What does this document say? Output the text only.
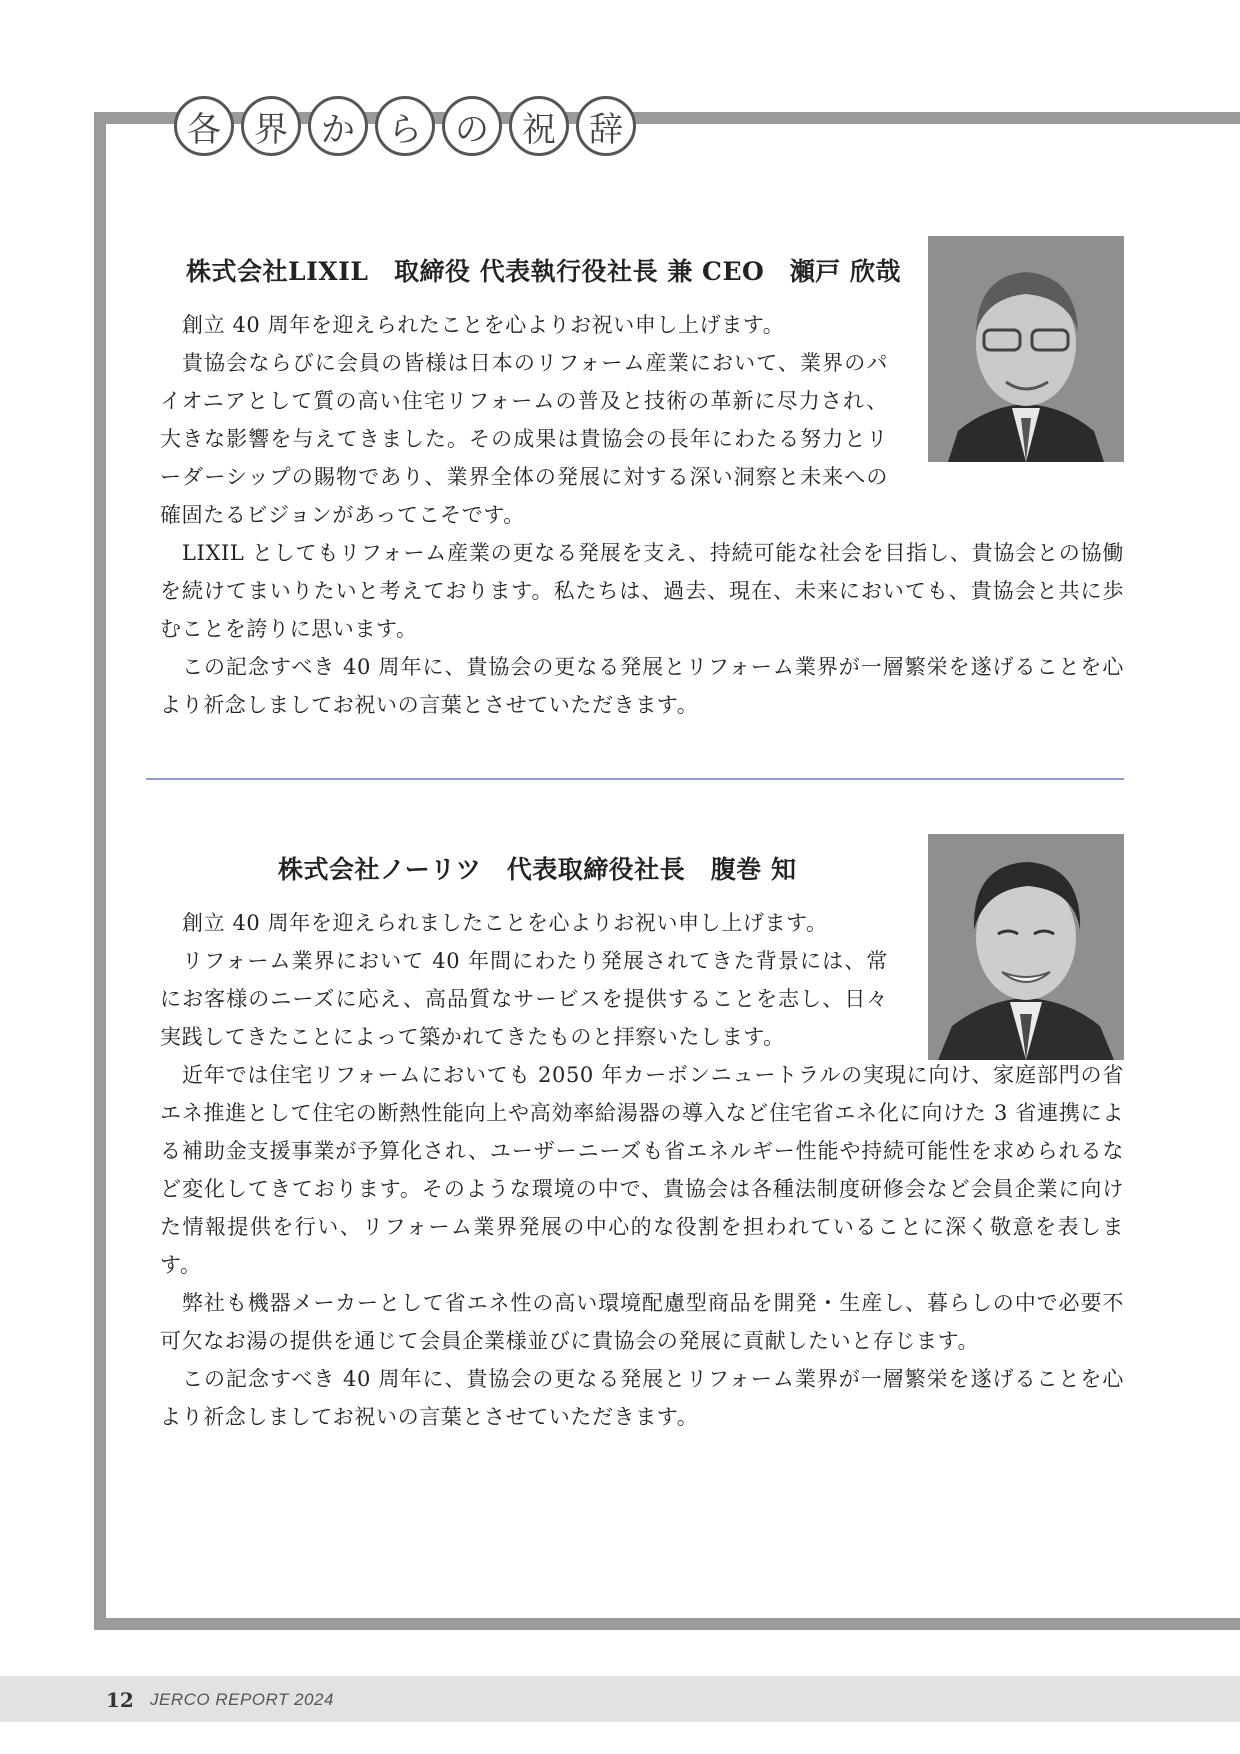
各 界 か ら の 祝 辞
株式会社LIXIL　取締役 代表執行役社長 兼 CEO　瀬戸 欣哉

創立 40 周年を迎えられたことを心よりお祝い申し上げます。

貴協会ならびに会員の皆様は日本のリフォーム産業において、業界のパイオニアとして質の高い住宅リフォームの普及と技術の革新に尽力され、大きな影響を与えてきました。その成果は貴協会の長年にわたる努力とリーダーシップの賜物であり、業界全体の発展に対する深い洞察と未来への確固たるビジョンがあってこそです。

LIXIL としてもリフォーム産業の更なる発展を支え、持続可能な社会を目指し、貴協会との協働を続けてまいりたいと考えております。私たちは、過去、現在、未来においても、貴協会と共に歩むことを誇りに思います。

この記念すべき 40 周年に、貴協会の更なる発展とリフォーム業界が一層繁栄を遂げることを心より祈念しましてお祝いの言葉とさせていただきます。

株式会社ノーリツ　代表取締役社長　腹巻 知

創立 40 周年を迎えられましたことを心よりお祝い申し上げます。

リフォーム業界において 40 年間にわたり発展されてきた背景には、常にお客様のニーズに応え、高品質なサービスを提供することを志し、日々実践してきたことによって築かれてきたものと拝察いたします。

近年では住宅リフォームにおいても 2050 年カーボンニュートラルの実現に向け、家庭部門の省エネ推進として住宅の断熱性能向上や高効率給湯器の導入など住宅省エネ化に向けた 3 省連携による補助金支援事業が予算化され、ユーザーニーズも省エネルギー性能や持続可能性を求められるなど変化してきております。そのような環境の中で、貴協会は各種法制度研修会など会員企業に向けた情報提供を行い、リフォーム業界発展の中心的な役割を担われていることに深く敬意を表します。

弊社も機器メーカーとして省エネ性の高い環境配慮型商品を開発・生産し、暮らしの中で必要不可欠なお湯の提供を通じて会員企業様並びに貴協会の発展に貢献したいと存じます。

この記念すべき 40 周年に、貴協会の更なる発展とリフォーム業界が一層繁栄を遂げることを心より祈念しましてお祝いの言葉とさせていただきます。

12 JERCO REPORT 2024
